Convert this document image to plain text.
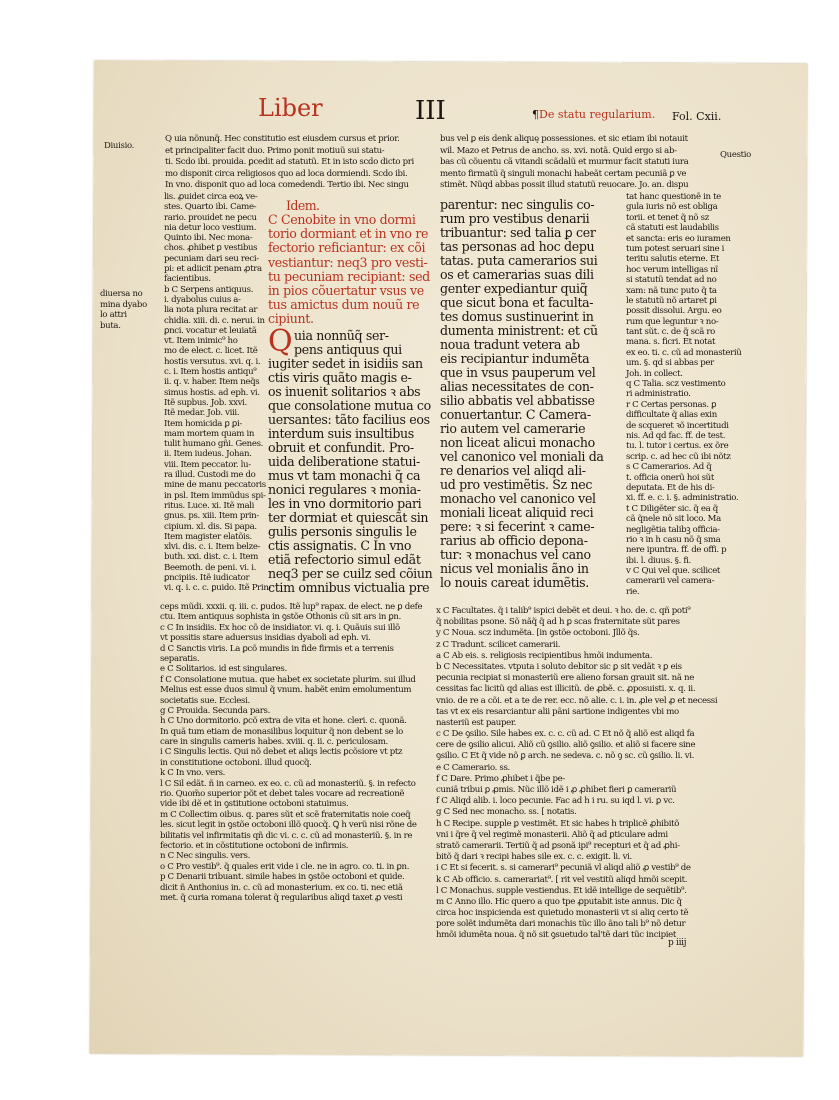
Liber	III	¶De statu regularium. Fol. Cxii.
Diuisio.
diuersa no
mina dyabo
lo attri
buta.
Questio
Q uia nõnunq̃. Hec constitutio est eiusdem cursus et prior.
et principaliter facit duo. Primo ponit motiuũ sui statu-
ti. Scdo ibi. prouida. ꝑcedit ad statutũ. Et in isto scdo dicto pri
mo disponit circa religiosos quo ad loca dormiendi. Scdo ibi.
In vno. disponit quo ad loca comedendi. Tertio ibi. Nec singu
lis. ꝓuidet circa eoꝝ ve-
stes. Quarto ibi. Came-
rario. prouidet ne pecu
nia detur loco vestium.
Quinto ibi. Nec mona-
chos. ꝓhibet ꝑ vestibus
pecuniam dari seu reci-
pi: et adiicit penam ꝓtra
facientibus.
b C Serpens antiquus.
i. dyabolus cuius a-
lia nota plura recitat ar
chidia. xiii. di. c. nerui. in
ꝑnci. vocatur et leuiatã
vt. Item inimic⁹ ho
mo de elect. c. licet. Itẽ
hostis versutus. xvi. q. i.
c. i. Item hostis antiqu⁹
ii. q. v. haber. Item neq̃s
simus hostis. ad eph. vi.
Itẽ supbus. Job. xxvi.
Itẽ medar. Job. viii.
Item homicida ꝑ ꝑi-
mam mortem quam in
tulit humano gñi. Genes.
ii. Item iudeus. Johan.
viii. Item peccator. lu-
ra illud. Custodi me do
mine de manu peccatoris
in psl. Item immũdus spi-
ritus. Luce. xi. Itẽ mali
gnus. ps. xiii. Item prin-
cipium. xl. dis. Si papa.
Item magister elatõis.
xlvi. dis. c. i. Item belze-
buth. xxi. dist. c. i. Item
Beemoth. de peni. vi. i.
ꝑncipiis. Itẽ iudicator
vi. q. i. c. c. ꝑuido. Itẽ Prin-
ceps mũdi. xxxii. q. iii. c. ꝑudos. Itẽ lup⁹ rapax. de elect. ne ꝑ defe
ctu. Item antiquus sophista in ꝯstõe Othonis cũ sit ars in ꝑn.
c C In insidiis. Ex hoc cõ de insidiator. vi. q. i. Quãuis sui illõ
vt possitis stare aduersus insidias dyaboli ad eph. vi.
d C Sanctis viris. La ꝑcõ mundis in fide firmis et a terrenis
separatis.
e C Solitarios. id est singulares.
f C Consolatione mutua. que habet ex societate plurim. sui illud
Melius est esse duos simul q̃ vnum. habẽt enim emolumentum
societatis sue. Ecclesi.
g C Prouida. Secunda pars.
h C Uno dormitorio. ꝑcõ extra de vita et hone. cleri. c. quonã.
In quã tum etiam de monasilibus loquitur q̃ non debent se lo
care in singulis cameris habes. xviii. q. ii. c. periculosam.
i C Singulis lectis. Qui nõ debet et aliqs lectis ꝑcõsiore vt ptz
in constitutione octoboni. illud quocq̃.
k C In vno. vers.
l C Sil edãt. ñ in carneo. ex eo. c. cũ ad monasteriũ. §. in refecto
rio. Quom̃o superior põt et debet tales vocare ad recreationẽ
vide ibi dẽ et in ꝯstitutione octoboni statuimus.
m C Collectim oibus. q. pares sũt et scẽ fraternitatis noie coeq̃
les. sicut legit in ꝯstõe octoboni illõ quocq̃. Ꝗ h verũ nisi rõne de
bilitatis vel infirmitatis qñ dic vi. c. c. cũ ad monasteriũ. §. in re
fectorio. et in cõstitutione octoboni de infirmis.
n C Nec singulis. vers.
o C Pro vestib⁹. q̃ quales erit vide i cle. ne in agro. co. ti. in ꝑn.
p C Denarii tribuant. simile habes in ꝯstõe octoboni et quide.
dicit ñ Anthonius in. c. cũ ad monasterium. ex co. ti. nec etiã
met. q̃ curia romana tolerat q̃ regularibus aliqd taxet ꝓ vesti
Idem.
C Cenobite in vno dormi
torio dormiant et in vno re
fectorio reficiantur: ex cõi
vestiantur: neq3 pro vesti-
tu pecuniam recipiant: sed
in pios cõuertatur vsus ve
tus amictus dum nouũ re
cipiunt.
Q uia nonnũq̃ ser-
pens antiquus qui
iugiter sedet in isidiis san
ctis viris quãto magis e-
os inuenit solitarios ꝛ abs
que consolatione mutua co
uersantes: tãto facilius eos
interdum suis insultibus
obruit et confundit. Pro-
uida deliberatione statui-
mus vt tam monachi q̃ ca
nonici regulares ꝛ monia-
les in vno dormitorio pari
ter dormiat et quiescãt sin
gulis personis singulis le
ctis assignatis. C In vno
etiã refectorio simul edãt
neq3 per se cuilz sed cõiun
ctim omnibus victualia pre
bus vel ꝑ eis denk aliquę possessiones. et sic etiam ibi notauit
wil. Mazo et Petrus de ancho. ss. xvi. notã. Quid ergo si ab-
bas cũ cõuentu cã vitandi scãdalũ et murmur facit statuti iura
mento firmatũ q̃ singuli monachi habeãt certam pecuniã ꝑ ve
stimẽt. Nũqd abbas possit illud statutũ reuocare. Jo. an. dispu
parentur: nec singulis co-
rum pro vestibus denarii
tribuantur: sed talia ꝑ cer
tas personas ad hoc depu
tatas. puta camerarios sui
os et camerarias suas dili
genter expediantur quiq̃
que sicut bona et faculta-
tes domus sustinuerint in
dumenta ministrent: et cũ
noua tradunt vetera ab
eis recipiantur indumẽta
que in vsus pauperum vel
alias necessitates de con-
silio abbatis vel abbatisse
conuertantur. C Camera-
rio autem vel camerarie
non liceat alicui monacho
vel canonico vel moniali da
re denarios vel aliqd ali-
ud pro vestimẽtis. Sz nec
monacho vel canonico vel
moniali liceat aliquid reci
pere: ꝛ si fecerint ꝛ came-
rarius ab officio depona-
tur: ꝛ monachus vel cano
nicus vel monialis ãno in
lo nouis careat idumẽtis.
tat hanc questionẽ in te
gula iuris nõ est obliga
torii. et tenet q̃ nõ sz
cã statuti est laudabilis
et sancta: eris eo iuramen
tum potest seruari sine i
teritu salutis eterne. Et
hoc verum intelligas nĩ
si statutũ tendat ad no
xam: nã tunc puto q̃ ta
le statutũ nõ artaret ꝑi
possit dissolui. Argu. eo
rum que leguntur ꝛ no-
tant sũt. c. de q̃ scã ro
mana. s. ficri. Et notat
ex eo. ti. c. cũ ad monasteriũ
um. §. qd si abbas per
Joh. in collect.
q C Talia. scz vestimento
ri administratio.
r C Certas personas. ꝑ
difficultate q̃ alias exin
de scqueret ꝛõ incertitudi
nis. Ad qd fac. ff. de test.
tu. l. tutor i certus. ex õre
scrip. c. ad hec cũ ibi nõtz
s C Camerarios. Ad q̃
t. officia onerũ hoi sũt
deputata. Et de his di-
xi. ff. e. c. i. §. administratio.
t C Diligẽter sic. q̃ ea q̃
cã q̃nele nõ sit loco. Ma
negligẽtia talibꝫ officia-
rio ꝛ in h casu nõ q̃ sma
nere ipuntra. ff. de offi. p
ibi. l. diuus. §. fi.
v C Qui vel que. scilicet
camerarii vel camera-
rie.
x C Facultates. q̃ i talib⁹ ispici debẽt et deui. ꝛ ho. de. c. qñ poti⁹
q̃ nobilitas psone. Sõ nãq̃ q̃ ad h ꝑ scas fraternitate sũt pares
y C Noua. scz indumẽta. [in ꝯstõe octoboni. Jllõ q̃s.
z C Tradunt. scilicet camerarii.
a C Ab eis. s. religiosis recipientibus hmõi indumenta.
b C Necessitates. vtputa i soluto debitor sic ꝑ sit vedãt ꝛ ꝑ eis
pecunia recipiat si monasteriũ ere alieno forsan grauit sit. nã ne
cessitas fac licitũ qd alias est illicitũ. de ꝓbẽ. c. ꝓposuisti. x. q. ii.
vnio. de re a cõi. et a te de rer. ecc. nõ alie. c. i. in. ꝓle vel ꝓ et necessi
tas vt ex eis resarciantur alii pãni sartione indigentes vbi mo
nasteriũ est pauper.
c C De ꝯsilio. Sile habes ex. c. c. cũ ad. C Et nõ q̃ aliõ est aliqd fa
cere de ꝯsilio alicui. Aliõ cũ ꝯsilio. aliõ ꝯsilio. et aliõ si facere sine
ꝯsilio. C Et q̃ vide nõ ꝑ arch. ne sedeva. c. nõ ꝯ sc. cũ ꝯsilio. li. vi.
e C Camerario. ss.
f C Dare. Primo ꝓhibet i q̃be pe-
cuniã tribui ꝑ ꝓmis. Nũc illõ idẽ i ꝓ ꝓhibet fieri ꝑ camerariũ
f C Aliqd alib. i. loco pecunie. Fac ad h i ru. su iqd l. vi. ꝑ vc.
g C Sed nec monacho. ss. [ notatis.
h C Recipe. supple ꝑ vestimẽt. Et sic habes h triplicẽ ꝓhibitõ
vni i q̃re q̃ vel regimẽ monasterii. Aliõ q̃ ad ꝑticulare admi
stratõ camerarii. Tertiũ q̃ ad ꝑsonã ipi⁹ recepturi et q̃ ad ꝓhi-
bitõ q̃ dari ꝛ recipi habes sile ex. c. c. exigit. li. vi.
i C Et si fecerit. s. si camerari⁹ pecuniã vl aliqd aliõ ꝓ vestib⁹ de
k C Ab officio. s. camerariat⁹. [ rit vel vestitũ aliqd hmõi scepit.
l C Monachus. supple vestiendus. Et idẽ intellige de sequẽtib⁹.
m C Anno illo. Hic quero a quo tpe ꝓputabit iste annus. Dic q̃
circa hoc inspicienda est quietudo monasterii vt si aliq certo tẽ
pore solẽt indumẽta dari monachis tũc illo ãno tali b⁹ nõ detur
hmõi idumẽta noua. q̃ nõ sit ꝯsuetudo tal'tẽ dari tũc incipiet
p iiij
